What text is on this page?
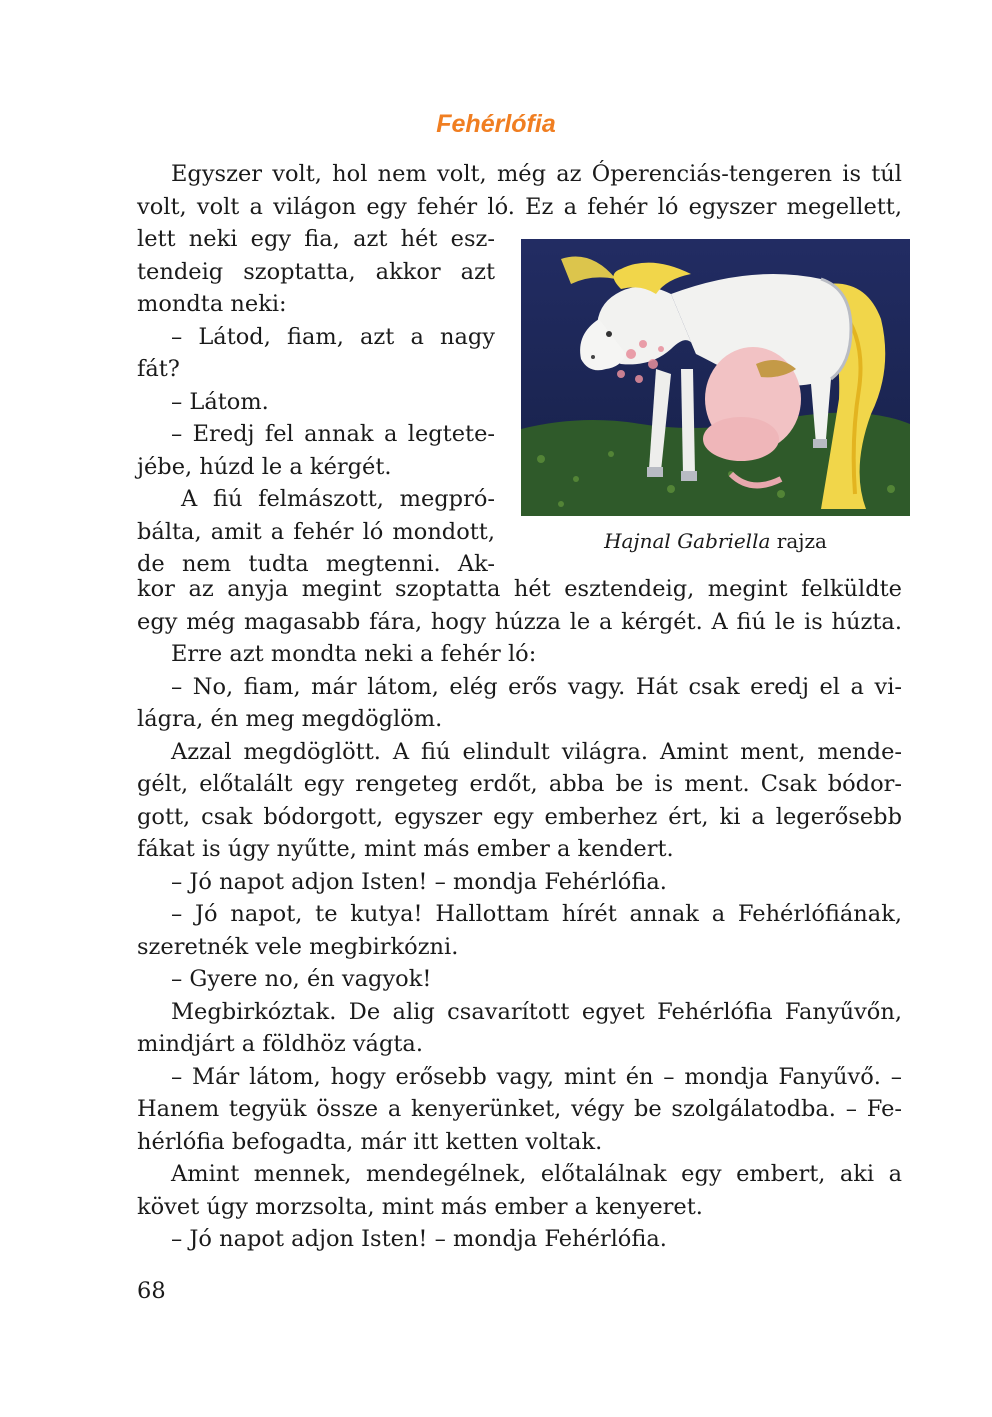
Fehérlófia

Egyszer volt, hol nem volt, még az Óperenciás-tengeren is túl

volt, volt a világon egy fehér ló. Ez a fehér ló egyszer megellett,

lett neki egy fia, azt hét esz-

tendeig szoptatta, akkor azt

mondta neki:

– Látod, fiam, azt a nagy

fát?

– Látom.

– Eredj fel annak a legtete-

jébe, húzd le a kérgét.

A fiú felmászott, megpró-

bálta, amit a fehér ló mondott,

de nem tudta megtenni. Ak-

Hajnal Gabriella rajza

kor az anyja megint szoptatta hét esztendeig, megint felküldte

egy még magasabb fára, hogy húzza le a kérgét. A fiú le is húzta.

Erre azt mondta neki a fehér ló:

– No, fiam, már látom, elég erős vagy. Hát csak eredj el a vi-

lágra, én meg megdöglöm.

Azzal megdöglött. A fiú elindult világra. Amint ment, mende-

gélt, előtalált egy rengeteg erdőt, abba be is ment. Csak bódor-

gott, csak bódorgott, egyszer egy emberhez ért, ki a legerősebb

fákat is úgy nyűtte, mint más ember a kendert.

– Jó napot adjon Isten! – mondja Fehérlófia.

– Jó napot, te kutya! Hallottam hírét annak a Fehérlófiának,

szeretnék vele megbirkózni.

– Gyere no, én vagyok!

Megbirkóztak. De alig csavarított egyet Fehérlófia Fanyűvőn,

mindjárt a földhöz vágta.

– Már látom, hogy erősebb vagy, mint én – mondja Fanyűvő. –

Hanem tegyük össze a kenyerünket, végy be szolgálatodba. – Fe-

hérlófia befogadta, már itt ketten voltak.

Amint mennek, mendegélnek, előtalálnak egy embert, aki a

követ úgy morzsolta, mint más ember a kenyeret.

– Jó napot adjon Isten! – mondja Fehérlófia.

68
